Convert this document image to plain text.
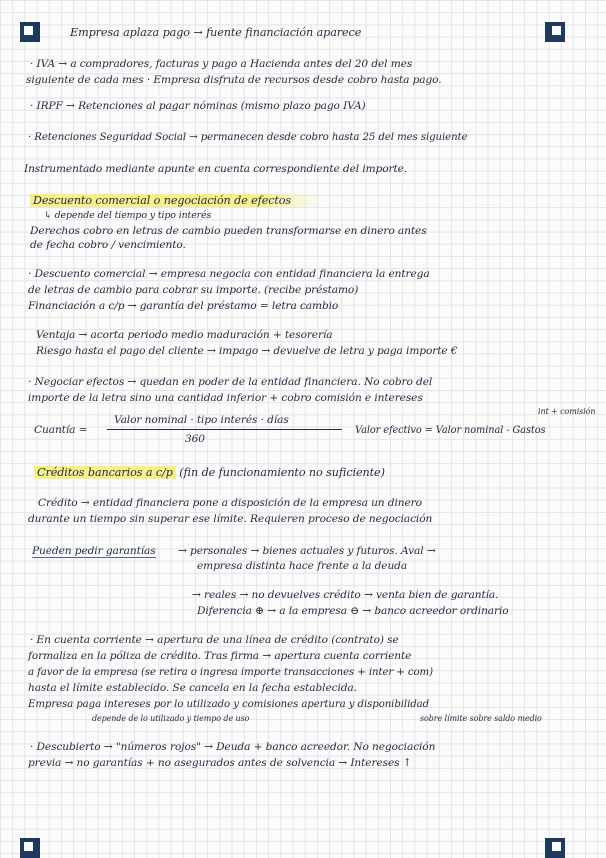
Empresa aplaza pago → fuente financiación aparece
· IVA → a compradores, facturas y pago a Hacienda antes del 20 del mes
siguiente de cada mes · Empresa disfruta de recursos desde cobro hasta pago.
· IRPF → Retenciones al pagar nóminas (mismo plazo pago IVA)
· Retenciones Seguridad Social → permanecen desde cobro hasta 25 del mes siguiente
Instrumentado mediante apunte en cuenta correspondiente del importe.
Descuento comercial o negociación de efectos
↳ depende del tiempo y tipo interés
Derechos cobro en letras de cambio pueden transformarse en dinero antes
de fecha cobro / vencimiento.
· Descuento comercial → empresa negocia con entidad financiera la entrega
de letras de cambio para cobrar su importe. (recibe préstamo)
Financiación a c/p → garantía del préstamo = letra cambio
Ventaja → acorta periodo medio maduración + tesorería
Riesgo hasta el pago del cliente → impago → devuelve de letra y paga importe €
· Negociar efectos → quedan en poder de la entidad financiera. No cobro del
importe de la letra sino una cantidad inferior + cobro comisión e intereses
int + comisión
Cuantía =
Valor nominal · tipo interés · días
360
Valor efectivo = Valor nominal - Gastos
Créditos bancarios a c/p (fin de funcionamiento no suficiente)
Crédito → entidad financiera pone a disposición de la empresa un dinero
durante un tiempo sin superar ese límite. Requieren proceso de negociación
Pueden pedir garantías → personales → bienes actuales y futuros. Aval →
empresa distinta hace frente a la deuda
→ reales → no devuelves crédito → venta bien de garantía.
Diferencia ⊕ → a la empresa ⊖ → banco acreedor ordinario
· En cuenta corriente → apertura de una línea de crédito (contrato) se
formaliza en la póliza de crédito. Tras firma → apertura cuenta corriente
a favor de la empresa (se retira o ingresa importe transacciones + inter + com)
hasta el límite establecido. Se cancela en la fecha establecida.
Empresa paga intereses por lo utilizado y comisiones apertura y disponibilidad
depende de lo utilizado y tiempo de uso	sobre límite sobre saldo medio
· Descubierto → "números rojos" → Deuda + banco acreedor. No negociación
previa → no garantías + no asegurados antes de solvencia → Intereses ↑
